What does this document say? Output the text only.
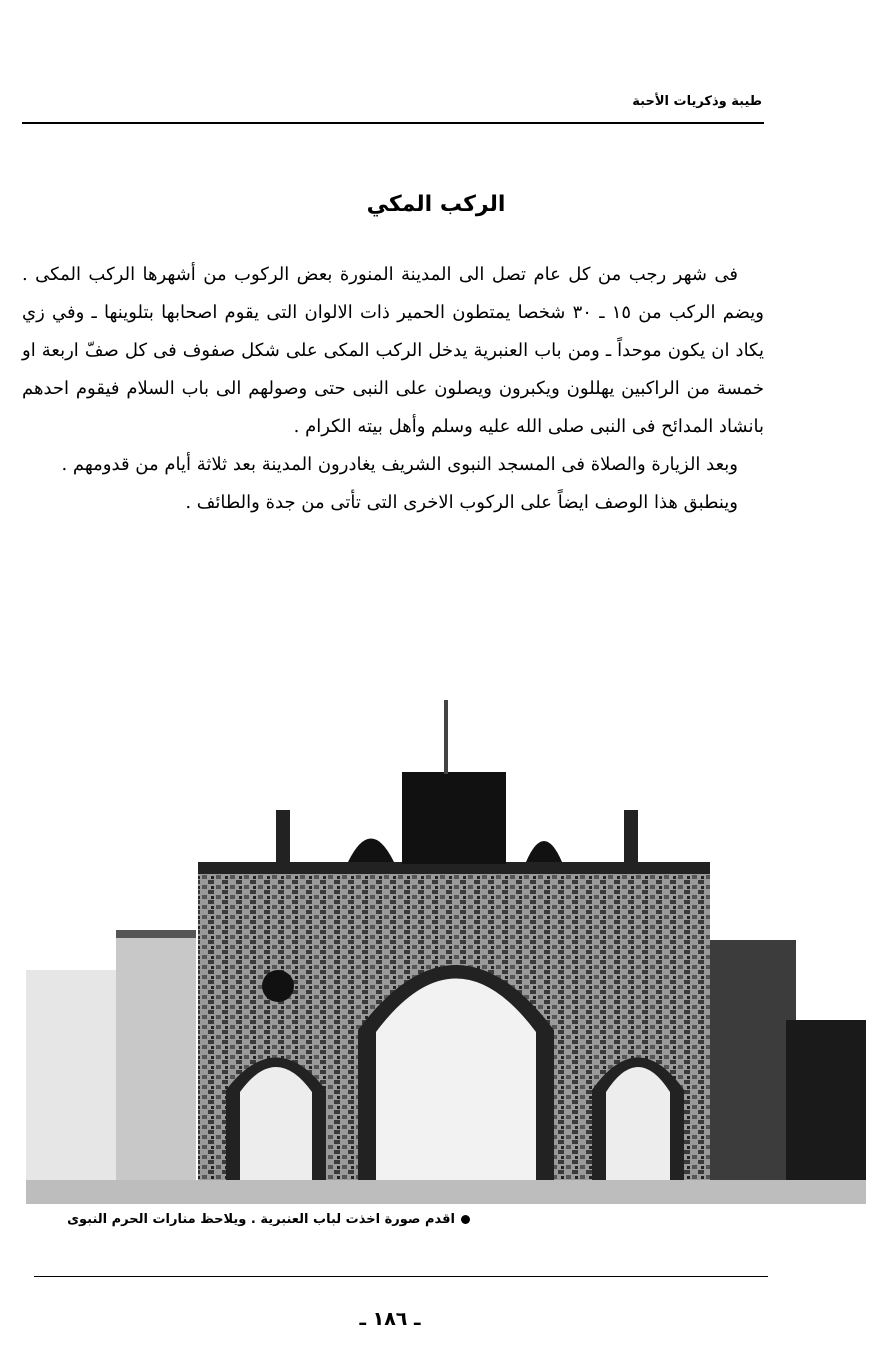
طيبة وذكريات الأحبة
الركب المكي

فى شهر رجب من كل عام تصل الى المدينة المنورة بعض الركوب من أشهرها الركب المكى . ويضم الركب من ١٥ ـ ٣٠ شخصا يمتطون الحمير ذات الالوان التى يقوم اصحابها بتلوينها ـ وفي زي يكاد ان يكون موحداً ـ ومن باب العنبرية يدخل الركب المكى على شكل صفوف فى كل صفّ اربعة او خمسة من الراكبين يهللون ويكبرون ويصلون على النبى حتى وصولهم الى باب السلام فيقوم احدهم بانشاد المدائح فى النبى صلى الله عليه وسلم وأهل بيته الكرام .

وبعد الزيارة والصلاة فى المسجد النبوى الشريف يغادرون المدينة بعد ثلاثة أيام من قدومهم .

وينطبق هذا الوصف ايضاً على الركوب الاخرى التى تأتى من جدة والطائف .

اقدم صورة اخذت لباب العنبرية . ويلاحظ منارات الحرم النبوى
ـ ١٨٦ ـ
